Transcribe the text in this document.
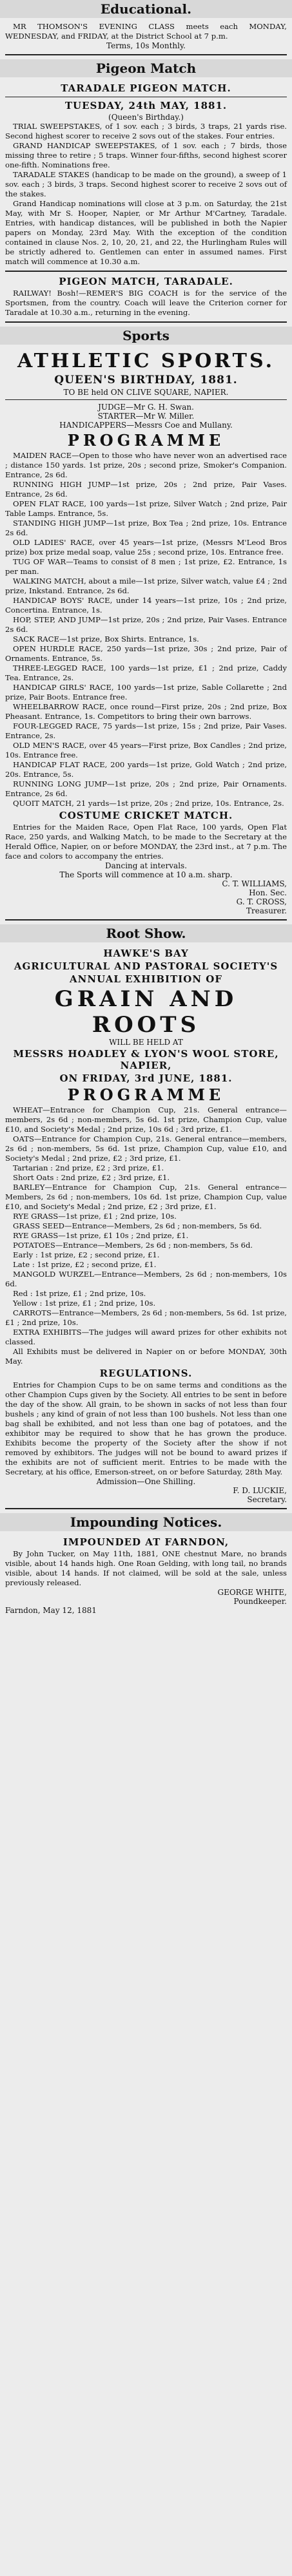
Educational.

MR THOMSON'S EVENING CLASS meets each MONDAY, WEDNESDAY, and FRIDAY, at the District School at 7 p.m.

Terms, 10s Monthly.
Pigeon Match
TARADALE PIGEON MATCH.
TUESDAY, 24th MAY, 1881.
(Queen's Birthday.)

TRIAL SWEEPSTAKES, of 1 sov. each ; 3 birds, 3 traps, 21 yards rise. Second highest scorer to receive 2 sovs out of the stakes. Four entries.

GRAND HANDICAP SWEEPSTAKES, of 1 sov. each ; 7 birds, those missing three to retire ; 5 traps. Winner four-fifths, second highest scorer one-fifth. Nominations free.

TARADALE STAKES (handicap to be made on the ground), a sweep of 1 sov. each ; 3 birds, 3 traps. Second highest scorer to receive 2 sovs out of the stakes.

Grand Handicap nominations will close at 3 p.m. on Saturday, the 21st May, with Mr S. Hooper, Napier, or Mr Arthur M'Cartney, Taradale. Entries, with handicap distances, will be published in both the Napier papers on Monday, 23rd May. With the exception of the condition contained in clause Nos. 2, 10, 20, 21, and 22, the Hurlingham Rules will be strictly adhered to. Gentlemen can enter in assumed names. First match will commence at 10.30 a.m.

PIGEON MATCH, TARADALE.

RAILWAY! Bosh!—REMER'S BIG COACH is for the service of the Sportsmen, from the country. Coach will leave the Criterion corner for Taradale at 10.30 a.m., returning in the evening.

Sports
ATHLETIC SPORTS.
QUEEN'S BIRTHDAY, 1881.
TO BE held ON CLIVE SQUARE, NAPIER.
JUDGE—Mr G. H. Swan.
STARTER—Mr W. Miller.
HANDICAPPERS—Messrs Coe and Mullany.
PROGRAMME

MAIDEN RACE—Open to those who have never won an advertised race ; distance 150 yards. 1st prize, 20s ; second prize, Smoker's Companion. Entrance, 2s 6d.

RUNNING HIGH JUMP—1st prize, 20s ; 2nd prize, Pair Vases. Entrance, 2s 6d.

OPEN FLAT RACE, 100 yards—1st prize, Silver Watch ; 2nd prize, Pair Table Lamps. Entrance, 5s.

STANDING HIGH JUMP—1st prize, Box Tea ; 2nd prize, 10s. Entrance 2s 6d.

OLD LADIES' RACE, over 45 years—1st prize, (Messrs M'Leod Bros prize) box prize medal soap, value 25s ; second prize, 10s. Entrance free.

TUG OF WAR—Teams to consist of 8 men ; 1st prize, £2. Entrance, 1s per man.

WALKING MATCH, about a mile—1st prize, Silver watch, value £4 ; 2nd prize, Inkstand. Entrance, 2s 6d.

HANDICAP BOYS' RACE, under 14 years—1st prize, 10s ; 2nd prize, Concertina. Entrance, 1s.

HOP, STEP, AND JUMP—1st prize, 20s ; 2nd prize, Pair Vases. Entrance 2s 6d.

SACK RACE—1st prize, Box Shirts. Entrance, 1s.

OPEN HURDLE RACE, 250 yards—1st prize, 30s ; 2nd prize, Pair of Ornaments. Entrance, 5s.

THREE-LEGGED RACE, 100 yards—1st prize, £1 ; 2nd prize, Caddy Tea. Entrance, 2s.

HANDICAP GIRLS' RACE, 100 yards—1st prize, Sable Collarette ; 2nd prize, Pair Boots. Entrance free.

WHEELBARROW RACE, once round—First prize, 20s ; 2nd prize, Box Pheasant. Entrance, 1s. Competitors to bring their own barrows.

FOUR-LEGGED RACE, 75 yards—1st prize, 15s ; 2nd prize, Pair Vases. Entrance, 2s.

OLD MEN'S RACE, over 45 years—First prize, Box Candles ; 2nd prize, 10s. Entrance free.

HANDICAP FLAT RACE, 200 yards—1st prize, Gold Watch ; 2nd prize, 20s. Entrance, 5s.

RUNNING LONG JUMP—1st prize, 20s ; 2nd prize, Pair Ornaments. Entrance, 2s 6d.

QUOIT MATCH, 21 yards—1st prize, 20s ; 2nd prize, 10s. Entrance, 2s.

COSTUME CRICKET MATCH.

Entries for the Maiden Race, Open Flat Race, 100 yards, Open Flat Race, 250 yards, and Walking Match, to be made to the Secretary at the Herald Office, Napier, on or before MONDAY, the 23rd inst., at 7 p.m. The face and colors to accompany the entries.

Dancing at intervals.
The Sports will commence at 10 a.m. sharp.
C. T. WILLIAMS,
Hon. Sec.
G. T. CROSS,
Treasurer.
Root Show.
HAWKE'S BAY
AGRICULTURAL AND PASTORAL SOCIETY'S
ANNUAL EXHIBITION OF
GRAIN AND ROOTS
WILL BE HELD AT
MESSRS HOADLEY & LYON'S WOOL STORE, NAPIER,
ON FRIDAY, 3rd JUNE, 1881.
PROGRAMME

WHEAT—Entrance for Champion Cup, 21s. General entrance—members, 2s 6d ; non-members, 5s 6d. 1st prize, Champion Cup, value £10, and Society's Medal ; 2nd prize, 10s 6d ; 3rd prize, £1.

OATS—Entrance for Champion Cup, 21s. General entrance—members, 2s 6d ; non-members, 5s 6d. 1st prize, Champion Cup, value £10, and Society's Medal ; 2nd prize, £2 ; 3rd prize, £1.

Tartarian : 2nd prize, £2 ; 3rd prize, £1.

Short Oats : 2nd prize, £2 ; 3rd prize, £1.

BARLEY—Entrance for Champion Cup, 21s. General entrance—Members, 2s 6d ; non-members, 10s 6d. 1st prize, Champion Cup, value £10, and Society's Medal ; 2nd prize, £2 ; 3rd prize, £1.

RYE GRASS—1st prize, £1 ; 2nd prize, 10s.

GRASS SEED—Entrance—Members, 2s 6d ; non-members, 5s 6d.

RYE GRASS—1st prize, £1 10s ; 2nd prize, £1.

POTATOES—Entrance—Members, 2s 6d ; non-members, 5s 6d.

Early : 1st prize, £2 ; second prize, £1.

Late : 1st prize, £2 ; second prize, £1.

MANGOLD WURZEL—Entrance—Members, 2s 6d ; non-members, 10s 6d.

Red : 1st prize, £1 ; 2nd prize, 10s.

Yellow : 1st prize, £1 ; 2nd prize, 10s.

CARROTS—Entrance—Members, 2s 6d ; non-members, 5s 6d. 1st prize, £1 ; 2nd prize, 10s.

EXTRA EXHIBITS—The judges will award prizes for other exhibits not classed.

All Exhibits must be delivered in Napier on or before MONDAY, 30th May.

REGULATIONS.

Entries for Champion Cups to be on same terms and conditions as the other Champion Cups given by the Society. All entries to be sent in before the day of the show. All grain, to be shown in sacks of not less than four bushels ; any kind of grain of not less than 100 bushels. Not less than one bag shall be exhibited, and not less than one bag of potatoes, and the exhibitor may be required to show that he has grown the produce. Exhibits become the property of the Society after the show if not removed by exhibitors. The judges will not be bound to award prizes if the exhibits are not of sufficient merit. Entries to be made with the Secretary, at his office, Emerson-street, on or before Saturday, 28th May.

Admission—One Shilling.
F. D. LUCKIE,
Secretary.
Impounding Notices.
IMPOUNDED AT FARNDON,

By John Tucker, on May 11th, 1881, ONE chestnut Mare, no brands visible, about 14 hands high. One Roan Gelding, with long tail, no brands visible, about 14 hands. If not claimed, will be sold at the sale, unless previously released.

GEORGE WHITE,
Poundkeeper.
Farndon, May 12, 1881
